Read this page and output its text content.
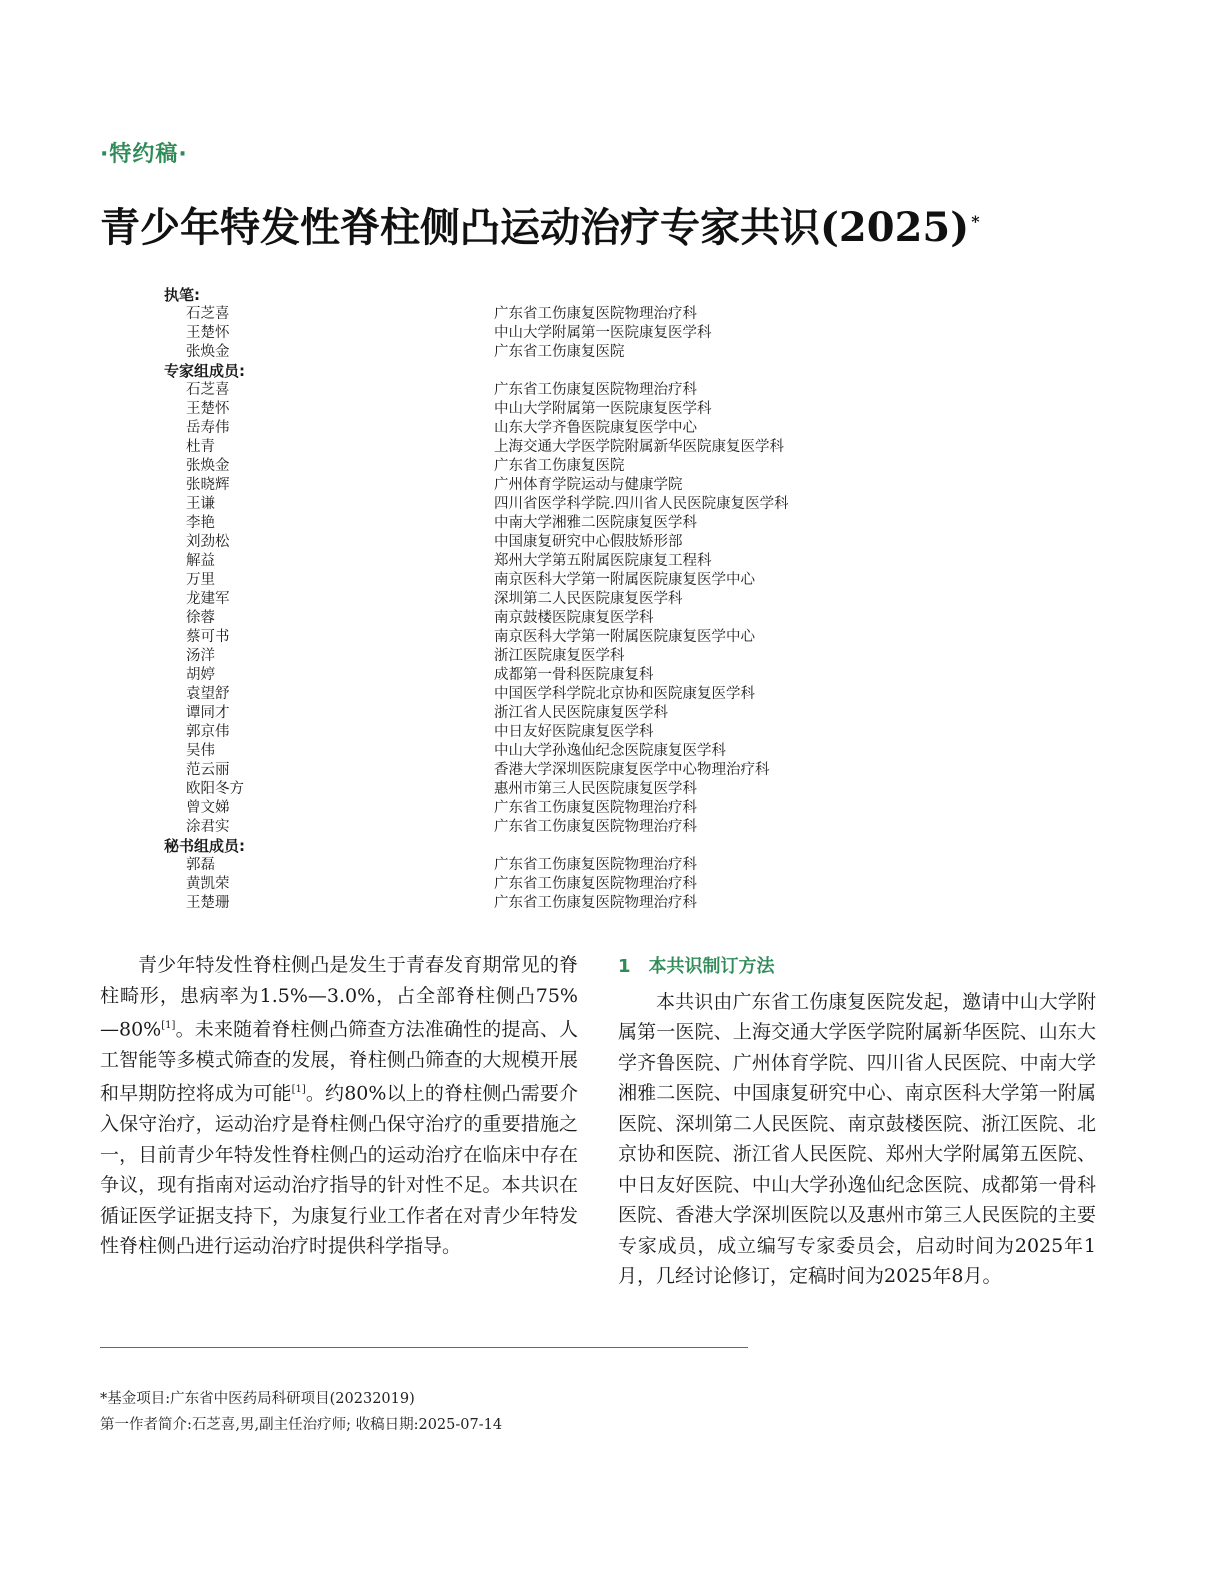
·特约稿·
青少年特发性脊柱侧凸运动治疗专家共识(2025) *
执笔:
石芝喜	广东省工伤康复医院物理治疗科
王楚怀	中山大学附属第一医院康复医学科
张焕金	广东省工伤康复医院
专家组成员:
石芝喜	广东省工伤康复医院物理治疗科
王楚怀	中山大学附属第一医院康复医学科
岳寿伟	山东大学齐鲁医院康复医学中心
杜青	上海交通大学医学院附属新华医院康复医学科
张焕金	广东省工伤康复医院
张晓辉	广州体育学院运动与健康学院
王谦	四川省医学科学院.四川省人民医院康复医学科
李艳	中南大学湘雅二医院康复医学科
刘劲松	中国康复研究中心假肢矫形部
解益	郑州大学第五附属医院康复工程科
万里	南京医科大学第一附属医院康复医学中心
龙建军	深圳第二人民医院康复医学科
徐蓉	南京鼓楼医院康复医学科
蔡可书	南京医科大学第一附属医院康复医学中心
汤洋	浙江医院康复医学科
胡婷	成都第一骨科医院康复科
袁望舒	中国医学科学院北京协和医院康复医学科
谭同才	浙江省人民医院康复医学科
郭京伟	中日友好医院康复医学科
吴伟	中山大学孙逸仙纪念医院康复医学科
范云丽	香港大学深圳医院康复医学中心物理治疗科
欧阳冬方	惠州市第三人民医院康复医学科
曾文娣	广东省工伤康复医院物理治疗科
涂君实	广东省工伤康复医院物理治疗科
秘书组成员:
郭磊	广东省工伤康复医院物理治疗科
黄凯荣	广东省工伤康复医院物理治疗科
王楚珊	广东省工伤康复医院物理治疗科
青少年特发性脊柱侧凸是发生于青春发育期常见的脊柱畸形，患病率为1.5%—3.0%，占全部脊柱侧凸75%—80%[1]。未来随着脊柱侧凸筛查方法准确性的提高、人工智能等多模式筛查的发展，脊柱侧凸筛查的大规模开展和早期防控将成为可能[1]。约80%以上的脊柱侧凸需要介入保守治疗，运动治疗是脊柱侧凸保守治疗的重要措施之一，目前青少年特发性脊柱侧凸的运动治疗在临床中存在争议，现有指南对运动治疗指导的针对性不足。本共识在循证医学证据支持下，为康复行业工作者在对青少年特发性脊柱侧凸进行运动治疗时提供科学指导。
1 本共识制订方法

本共识由广东省工伤康复医院发起，邀请中山大学附属第一医院、上海交通大学医学院附属新华医院、山东大学齐鲁医院、广州体育学院、四川省人民医院、中南大学湘雅二医院、中国康复研究中心、南京医科大学第一附属医院、深圳第二人民医院、南京鼓楼医院、浙江医院、北京协和医院、浙江省人民医院、郑州大学附属第五医院、中日友好医院、中山大学孙逸仙纪念医院、成都第一骨科医院、香港大学深圳医院以及惠州市第三人民医院的主要专家成员，成立编写专家委员会，启动时间为2025年1月，几经讨论修订，定稿时间为2025年8月。

*基金项目:广东省中医药局科研项目(20232019)
第一作者简介:石芝喜,男,副主任治疗师; 收稿日期:2025-07-14
